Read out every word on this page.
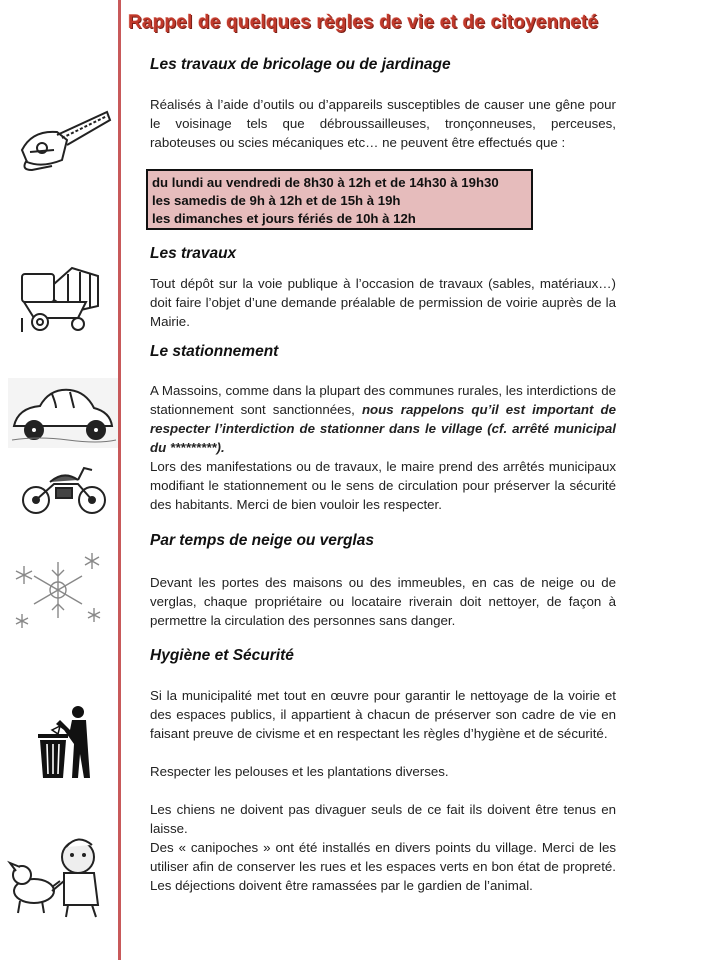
Rappel de quelques règles de vie et de citoyenneté
Les travaux de bricolage ou de jardinage

Réalisés à l’aide d’outils ou d’appareils susceptibles de causer une gêne pour le voisinage tels que débroussailleuses, tronçonneuses, perceuses, raboteuses ou scies mécaniques etc… ne peuvent être effectués que :

du lundi au vendredi de 8h30 à 12h et de 14h30 à 19h30
les samedis de 9h à 12h et de 15h à 19h
les dimanches et jours fériés de 10h à 12h
Les travaux

Tout dépôt sur la voie publique à l’occasion de travaux (sables, matériaux…) doit faire l’objet d’une demande préalable de permission de voirie auprès de la Mairie.

Le stationnement

A Massoins, comme dans la plupart des communes rurales, les interdictions de stationnement sont sanctionnées, nous rappelons qu’il est important de respecter l’interdiction de stationner dans le village (cf. arrêté municipal du *********).

Lors des manifestations ou de travaux, le maire prend des arrêtés municipaux modifiant le stationnement ou le sens de circulation pour préserver la sécurité des habitants. Merci de bien vouloir les respecter.

Par temps de neige ou verglas

Devant les portes des maisons ou des immeubles, en cas de neige ou de verglas, chaque propriétaire ou locataire riverain doit nettoyer, de façon à permettre la circulation des personnes sans danger.

Hygiène et Sécurité

Si la municipalité met tout en œuvre pour garantir le nettoyage de la voirie et des espaces publics, il appartient à chacun de préserver son cadre de vie en faisant preuve de civisme et en respectant les règles d’hygiène et de sécurité.

Respecter les pelouses et les plantations diverses.

Les chiens ne doivent pas divaguer seuls de ce fait ils doivent être tenus en laisse.

Des « canipoches » ont été installés en divers points du village. Merci de les utiliser afin de conserver les rues et les espaces verts en bon état de propreté. Les déjections doivent être ramassées par le gardien de l’animal.
